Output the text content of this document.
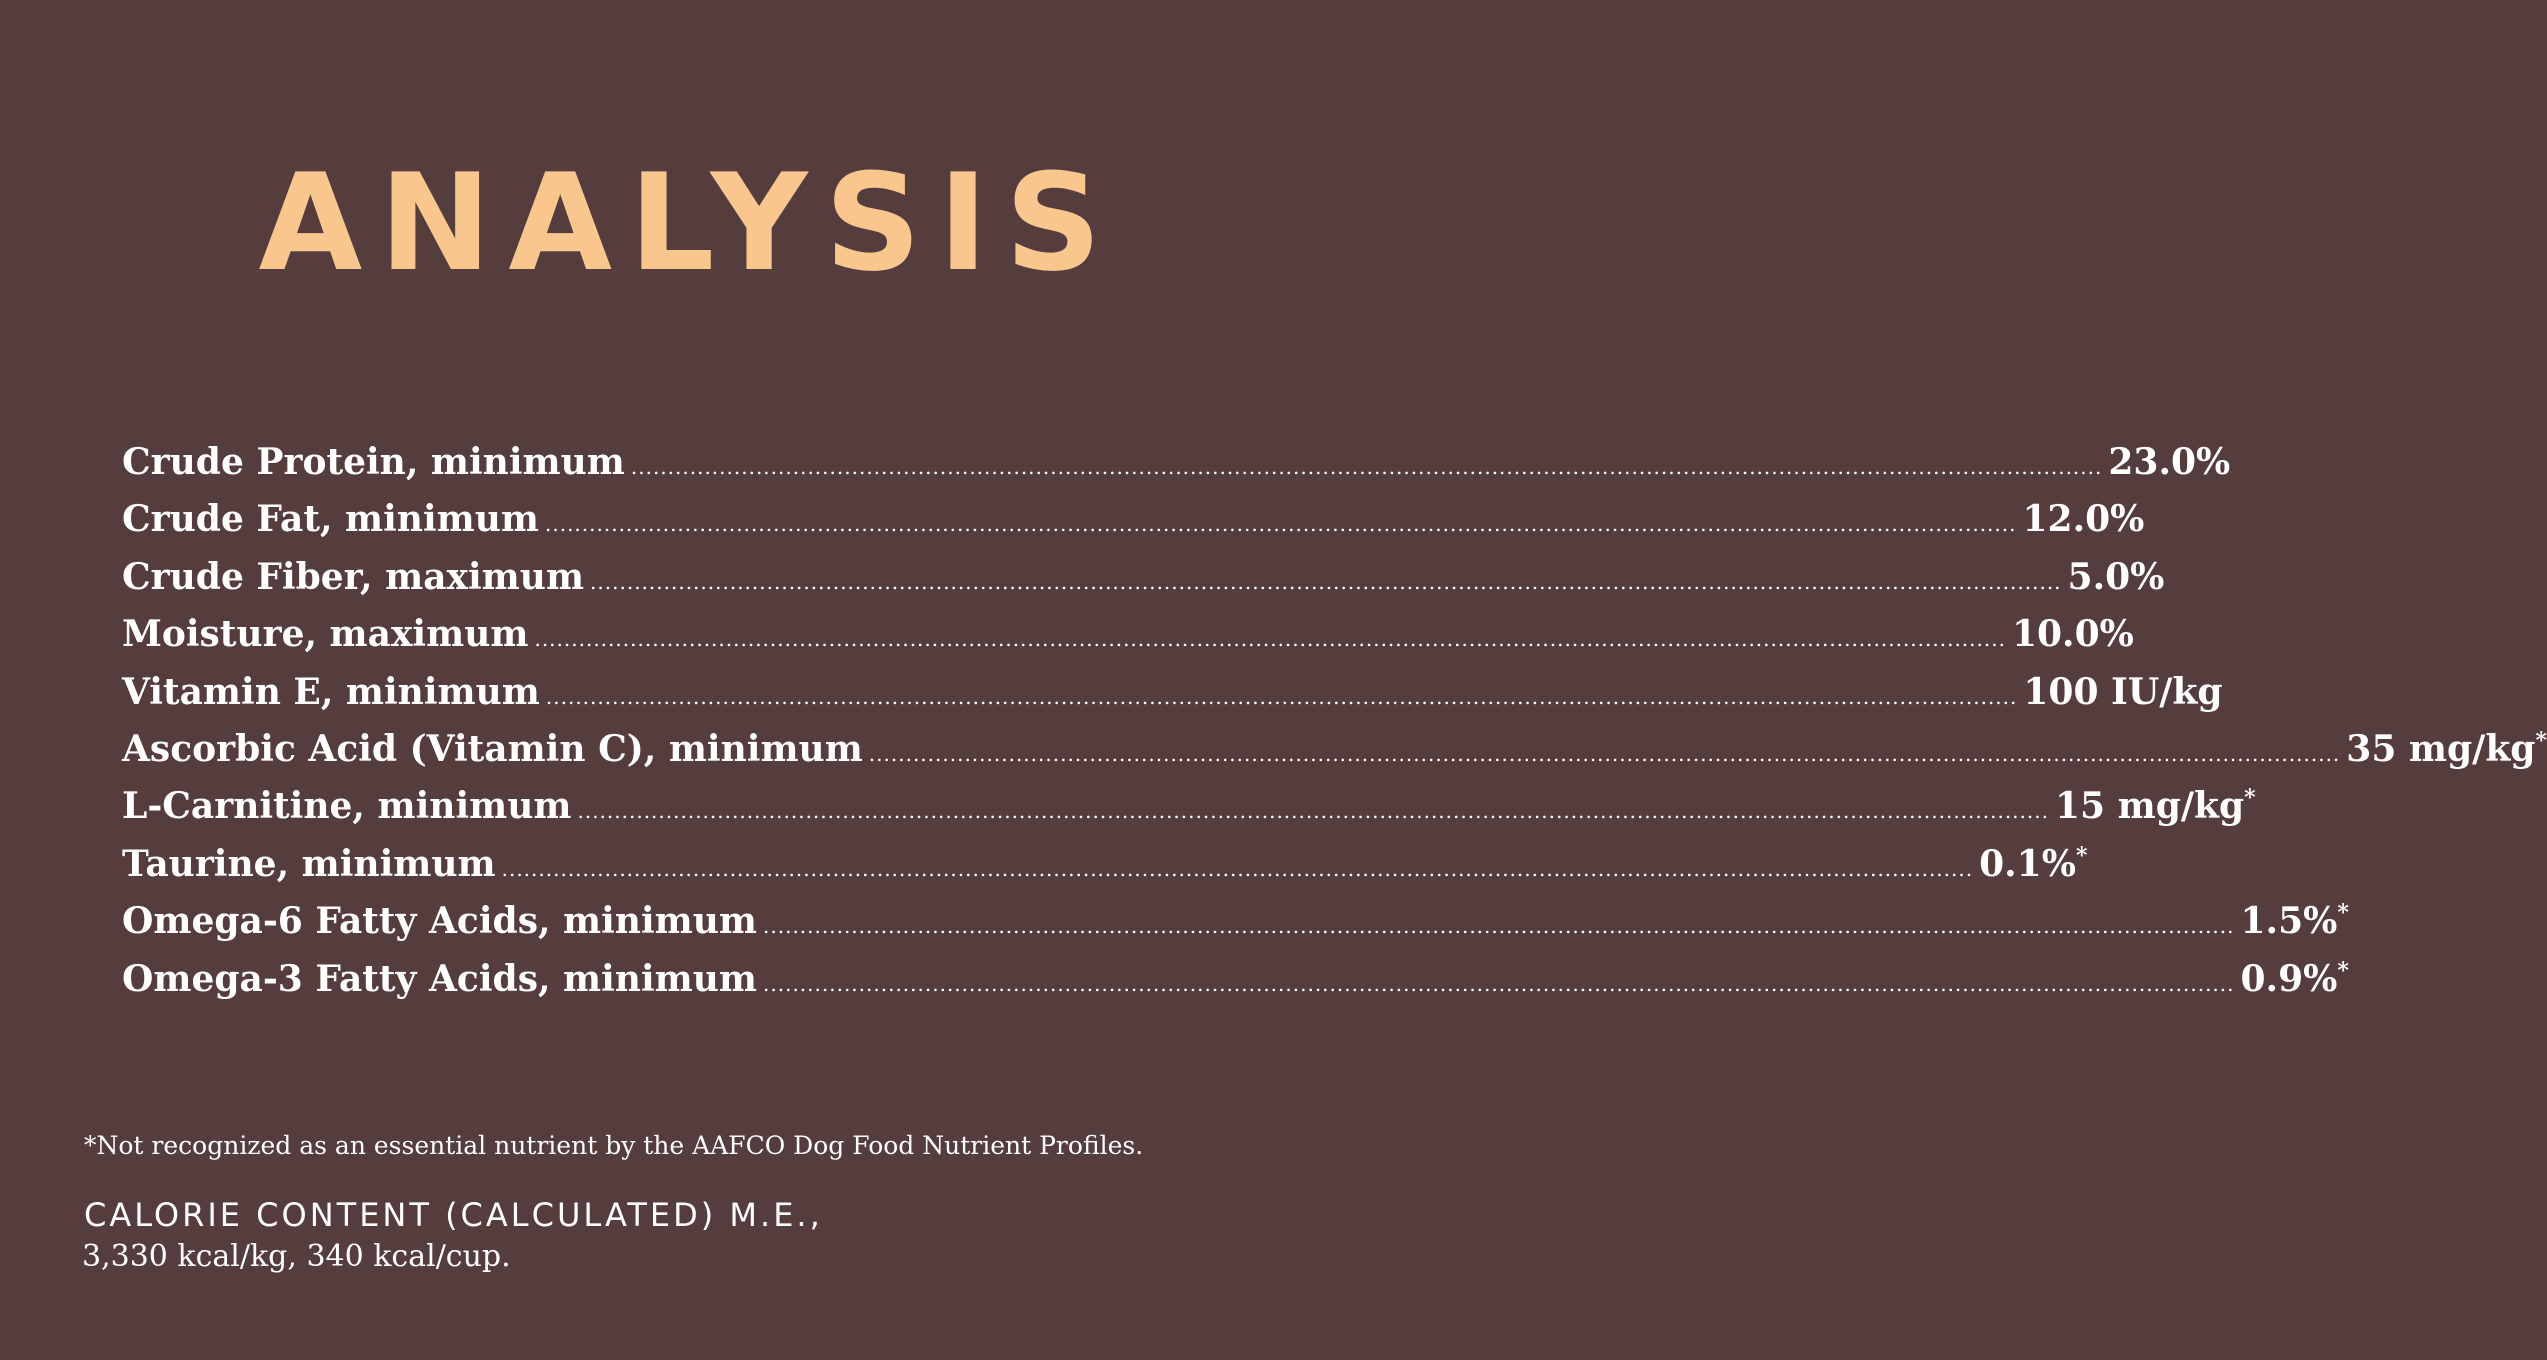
ANALYSIS
Crude Protein, minimum ........................................................................................................................................................................................................ 23.0%
Crude Fat, minimum ........................................................................................................................................................................................................ 12.0%
Crude Fiber, maximum ........................................................................................................................................................................................................ 5.0%
Moisture, maximum ........................................................................................................................................................................................................ 10.0%
Vitamin E, minimum ........................................................................................................................................................................................................ 100 IU/kg
Ascorbic Acid (Vitamin C), minimum ........................................................................................................................................................................................................ 35 mg/kg*
L-Carnitine, minimum ........................................................................................................................................................................................................ 15 mg/kg*
Taurine, minimum ........................................................................................................................................................................................................ 0.1%*
Omega-6 Fatty Acids, minimum ........................................................................................................................................................................................................ 1.5%*
Omega-3 Fatty Acids, minimum ........................................................................................................................................................................................................ 0.9%*
*Not recognized as an essential nutrient by the AAFCO Dog Food Nutrient Profiles.
CALORIE CONTENT (CALCULATED) M.E.,
3,330 kcal/kg, 340 kcal/cup.
